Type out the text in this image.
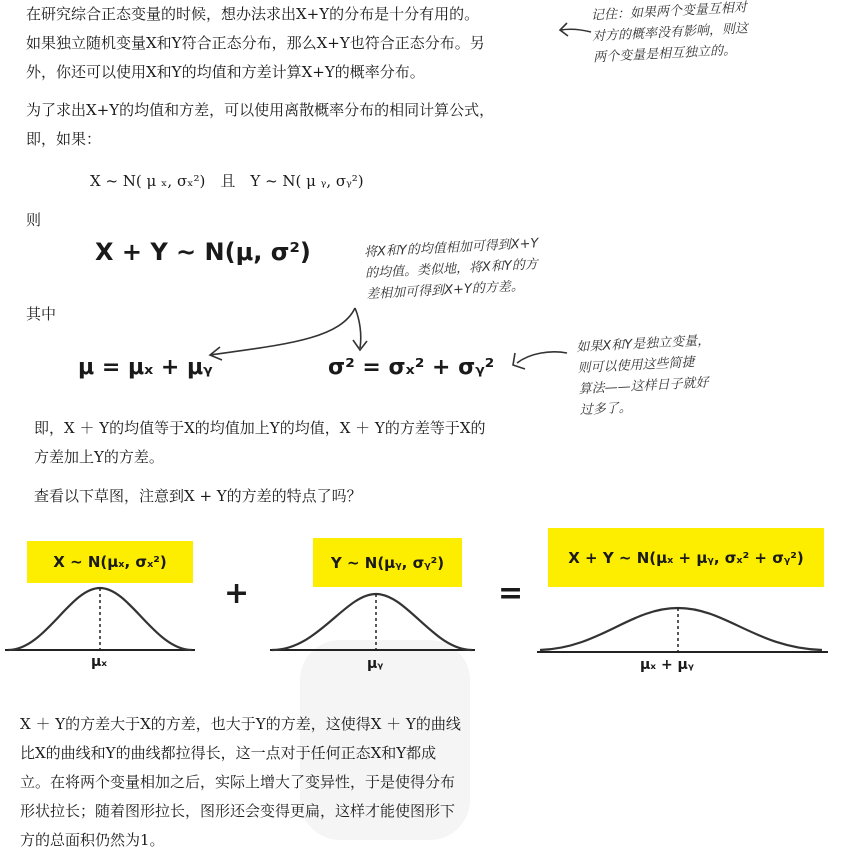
在研究综合正态变量的时候，想办法求出X+Y的分布是十分有用的。
如果独立随机变量X和Y符合正态分布，那么X+Y也符合正态分布。另
外，你还可以使用X和Y的均值和方差计算X+Y的概率分布。
记住：如果两个变量互相对
对方的概率没有影响，则这
两个变量是相互独立的。
为了求出X+Y的均值和方差，可以使用离散概率分布的相同计算公式，
即，如果：
X ~ N( μ ₓ, σₓ²)　且　Y ~ N( μ ᵧ, σᵧ²)
则
X + Y ~ N(μ, σ²)	将X和Y的均值相加可得到X+Y
的均值。类似地，将X和Y的方
差相加可得到X+Y的方差。
其中
μ = μₓ + μᵧ	σ² = σₓ² + σᵧ²
如果X和Y是独立变量，
则可以使用这些简捷
算法——这样日子就好
过多了。
即，X ＋ Y的均值等于X的均值加上Y的均值，X ＋ Y的方差等于X的
方差加上Y的方差。
查看以下草图，注意到X + Y的方差的特点了吗？
X ~ N(μₓ, σₓ²)	Y ~ N(μᵧ, σᵧ²)	X + Y ~ N(μₓ + μᵧ, σₓ² + σᵧ²)
+	=
μₓ	μᵧ	μₓ + μᵧ
X ＋ Y的方差大于X的方差，也大于Y的方差，这使得X ＋ Y的曲线
比X的曲线和Y的曲线都拉得长，这一点对于任何正态X和Y都成
立。在将两个变量相加之后，实际上增大了变异性，于是使得分布
形状拉长；随着图形拉长，图形还会变得更扁，这样才能使图形下
方的总面积仍然为1。
